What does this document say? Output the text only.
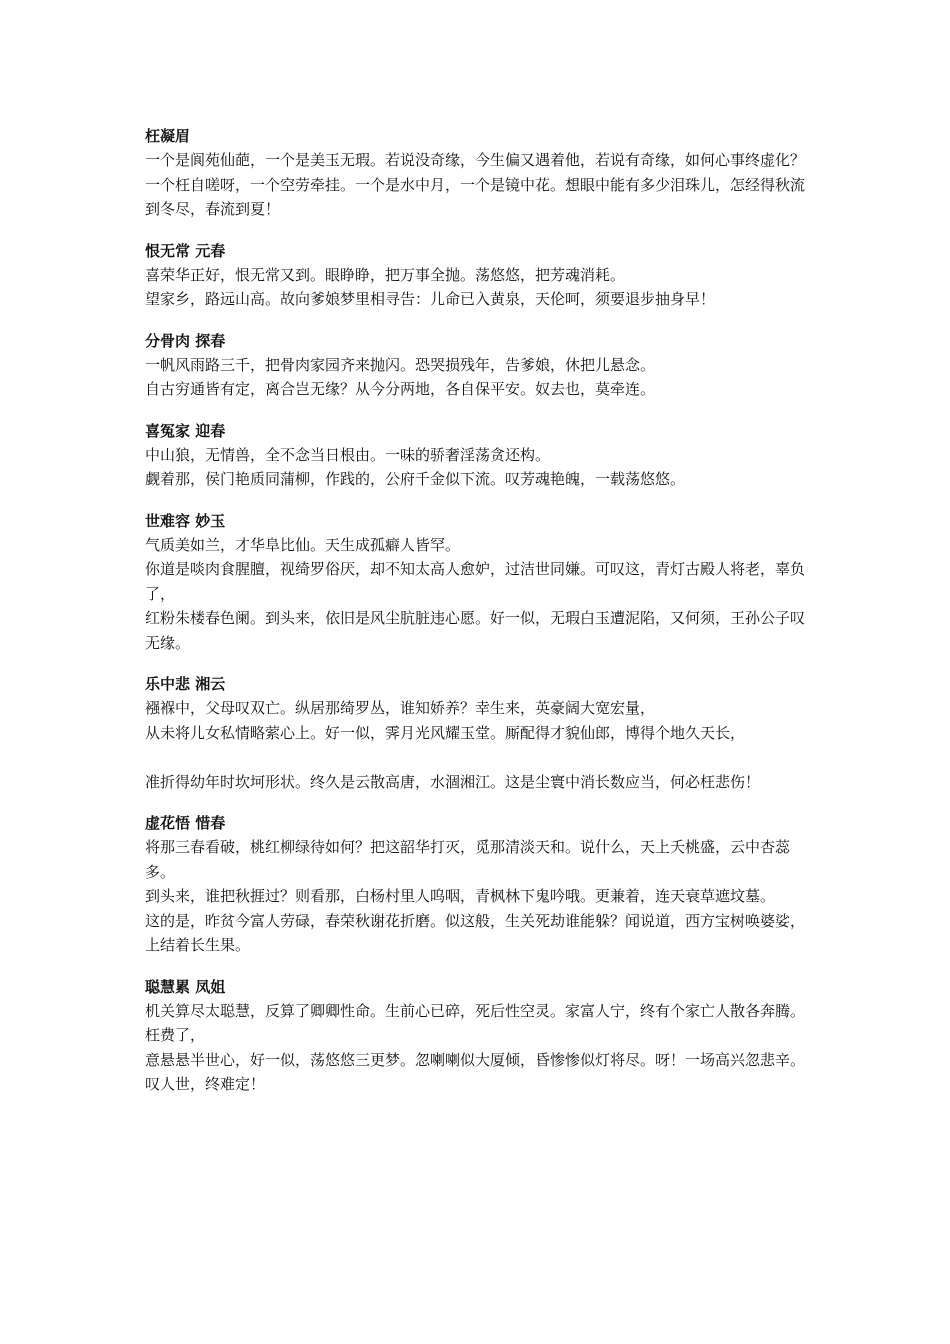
枉凝眉

一个是阆苑仙葩，一个是美玉无瑕。若说没奇缘，今生偏又遇着他，若说有奇缘，如何心事终虚化？

一个枉自嗟呀，一个空劳牵挂。一个是水中月，一个是镜中花。想眼中能有多少泪珠儿，怎经得秋流到冬尽，春流到夏！

恨无常 元春

喜荣华正好，恨无常又到。眼睁睁，把万事全抛。荡悠悠，把芳魂消耗。

望家乡，路远山高。故向爹娘梦里相寻告：儿命已入黄泉，天伦呵，须要退步抽身早！

分骨肉 探春

一帆风雨路三千，把骨肉家园齐来抛闪。恐哭损残年，告爹娘，休把儿悬念。

自古穷通皆有定，离合岂无缘？从今分两地，各自保平安。奴去也，莫牵连。

喜冤家 迎春

中山狼，无情兽，全不念当日根由。一味的骄奢淫荡贪还构。

觑着那，侯门艳质同蒲柳，作践的，公府千金似下流。叹芳魂艳魄，一载荡悠悠。

世难容 妙玉

气质美如兰，才华阜比仙。天生成孤癖人皆罕。

你道是啖肉食腥膻，视绮罗俗厌，却不知太高人愈妒，过洁世同嫌。可叹这，青灯古殿人将老，辜负了，

红粉朱楼春色阑。到头来，依旧是风尘肮脏违心愿。好一似，无瑕白玉遭泥陷，又何须，王孙公子叹无缘。

乐中悲 湘云

襁褓中，父母叹双亡。纵居那绮罗丛，谁知娇养？幸生来，英豪阔大宽宏量，

从未将儿女私情略萦心上。好一似，霁月光风耀玉堂。厮配得才貌仙郎，博得个地久天长，

准折得幼年时坎坷形状。终久是云散高唐，水涸湘江。这是尘寰中消长数应当，何必枉悲伤！

虚花悟 惜春

将那三春看破，桃红柳绿待如何？把这韶华打灭，觅那清淡天和。说什么，天上夭桃盛，云中杏蕊多。

到头来，谁把秋捱过？则看那，白杨村里人呜咽，青枫林下鬼吟哦。更兼着，连天衰草遮坟墓。

这的是，昨贫今富人劳碌，春荣秋谢花折磨。似这般，生关死劫谁能躲？闻说道，西方宝树唤婆娑，上结着长生果。

聪慧累 凤姐

机关算尽太聪慧，反算了卿卿性命。生前心已碎，死后性空灵。家富人宁，终有个家亡人散各奔腾。枉费了，

意悬悬半世心，好一似，荡悠悠三更梦。忽喇喇似大厦倾，昏惨惨似灯将尽。呀！一场高兴忽悲辛。叹人世，终难定！
